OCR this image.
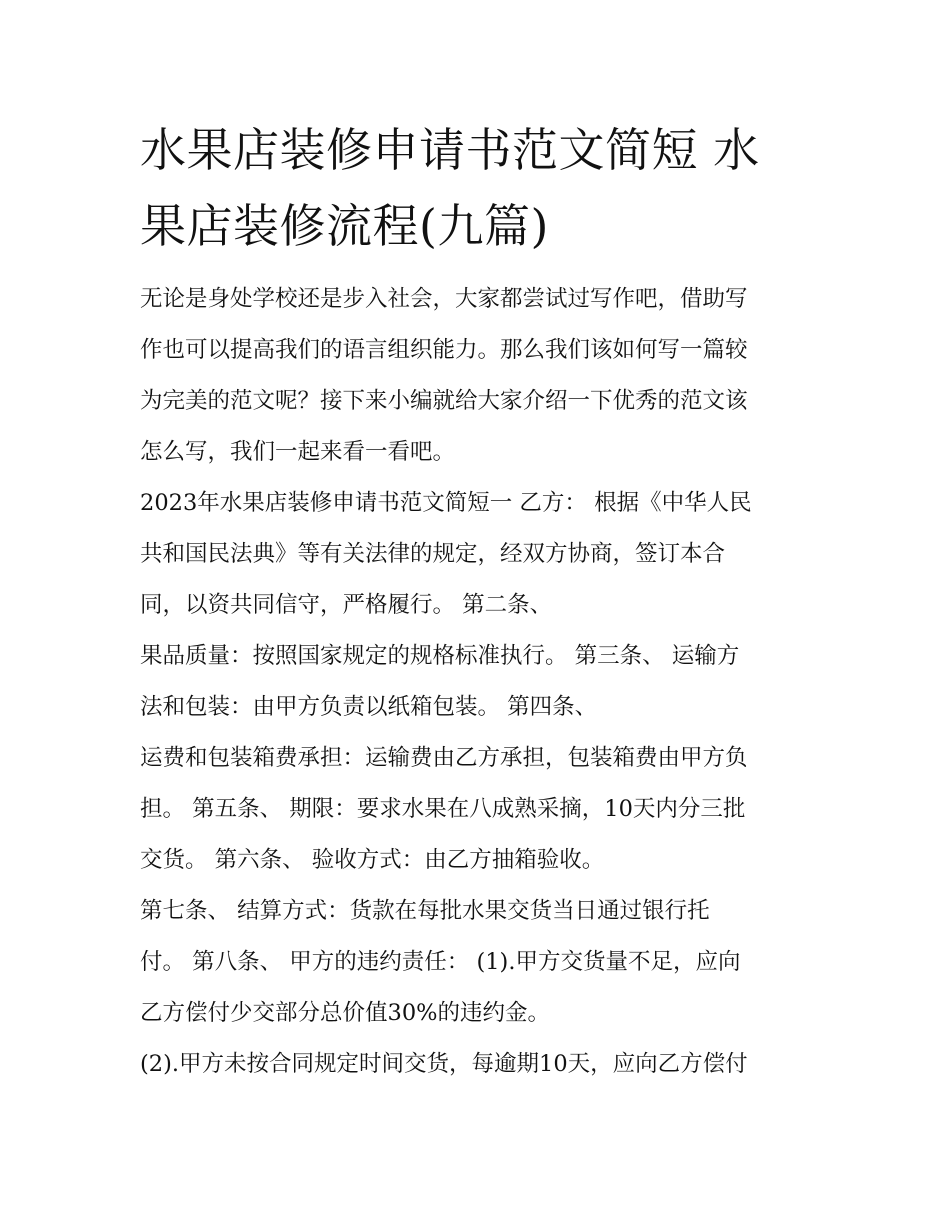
水果店装修申请书范文简短 水
果店装修流程(九篇)

无论是身处学校还是步入社会，大家都尝试过写作吧，借助写
作也可以提高我们的语言组织能力。那么我们该如何写一篇较
为完美的范文呢？接下来小编就给大家介绍一下优秀的范文该
怎么写，我们一起来看一看吧。

2023年水果店装修申请书范文简短一 乙方： 根据《中华人民
共和国民法典》等有关法律的规定，经双方协商，签订本合
同，以资共同信守，严格履行。 第二条、

果品质量：按照国家规定的规格标准执行。 第三条、 运输方
法和包装：由甲方负责以纸箱包装。 第四条、

运费和包装箱费承担：运输费由乙方承担，包装箱费由甲方负
担。 第五条、 期限：要求水果在八成熟采摘，10天内分三批
交货。 第六条、 验收方式：由乙方抽箱验收。

第七条、 结算方式：货款在每批水果交货当日通过银行托
付。 第八条、 甲方的违约责任： (1).甲方交货量不足，应向
乙方偿付少交部分总价值30%的违约金。

(2).甲方未按合同规定时间交货，每逾期10天，应向乙方偿付
